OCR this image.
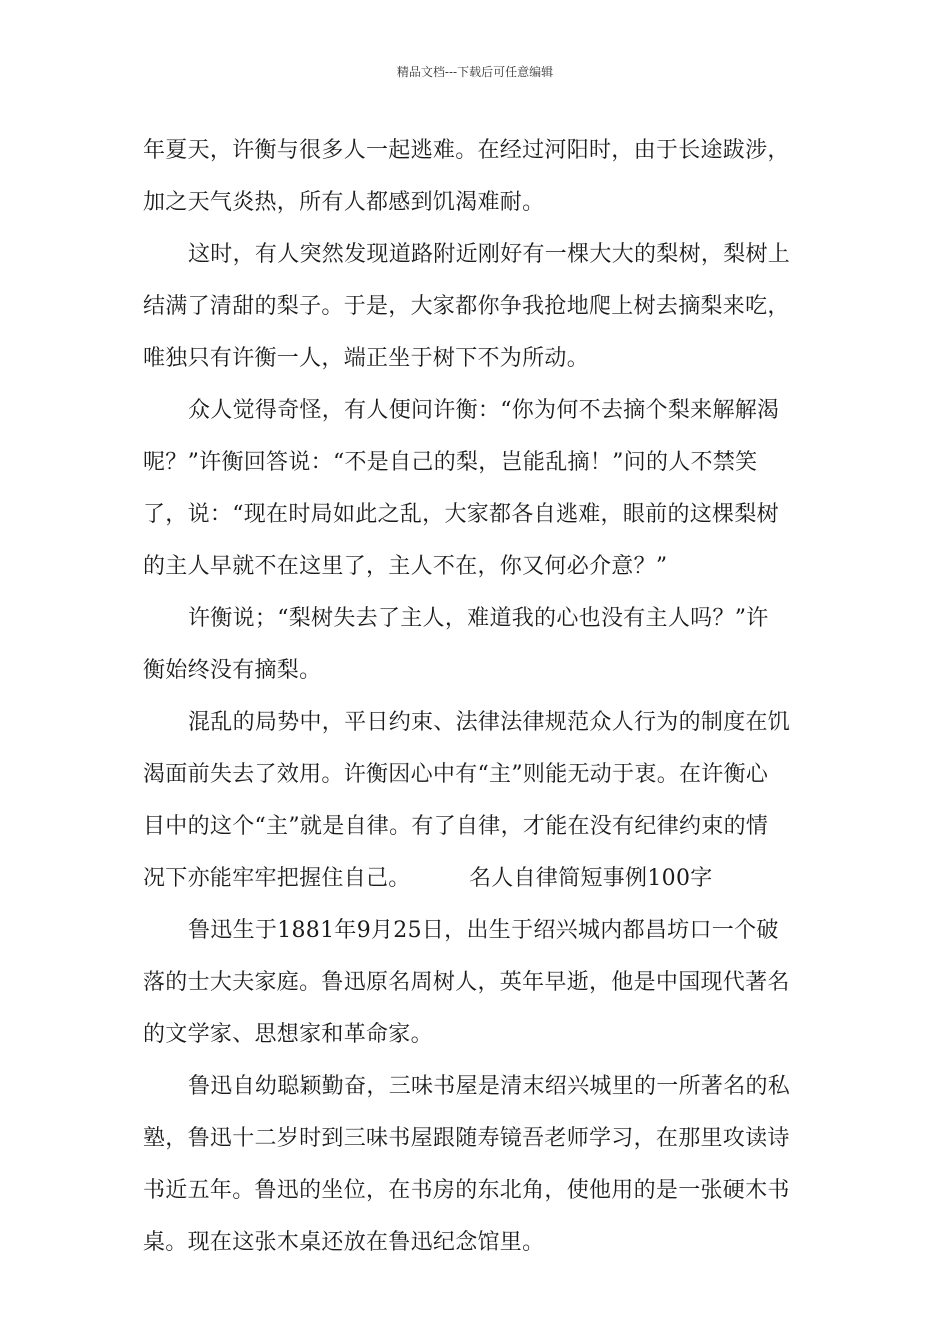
精品文档---下载后可任意编辑
年夏天，许衡与很多人一起逃难。在经过河阳时，由于长途跋涉，
加之天气炎热，所有人都感到饥渴难耐。
这时，有人突然发现道路附近刚好有一棵大大的梨树，梨树上
结满了清甜的梨子。于是，大家都你争我抢地爬上树去摘梨来吃，
唯独只有许衡一人，端正坐于树下不为所动。
众人觉得奇怪，有人便问许衡：“你为何不去摘个梨来解解渴
呢？”许衡回答说：“不是自己的梨，岂能乱摘！”问的人不禁笑
了，说：“现在时局如此之乱，大家都各自逃难，眼前的这棵梨树
的主人早就不在这里了，主人不在，你又何必介意？”
许衡说；“梨树失去了主人，难道我的心也没有主人吗？”许
衡始终没有摘梨。
混乱的局势中，平日约束、法律法律规范众人行为的制度在饥
渴面前失去了效用。许衡因心中有“主”则能无动于衷。在许衡心
目中的这个“主”就是自律。有了自律，才能在没有纪律约束的情
况下亦能牢牢把握住自己。        名人自律简短事例100字
鲁迅生于1881年9月25日，出生于绍兴城内都昌坊口一个破
落的士大夫家庭。鲁迅原名周树人，英年早逝，他是中国现代著名
的文学家、思想家和革命家。
鲁迅自幼聪颖勤奋，三味书屋是清末绍兴城里的一所著名的私
塾，鲁迅十二岁时到三味书屋跟随寿镜吾老师学习，在那里攻读诗
书近五年。鲁迅的坐位，在书房的东北角，使他用的是一张硬木书
桌。现在这张木桌还放在鲁迅纪念馆里。
